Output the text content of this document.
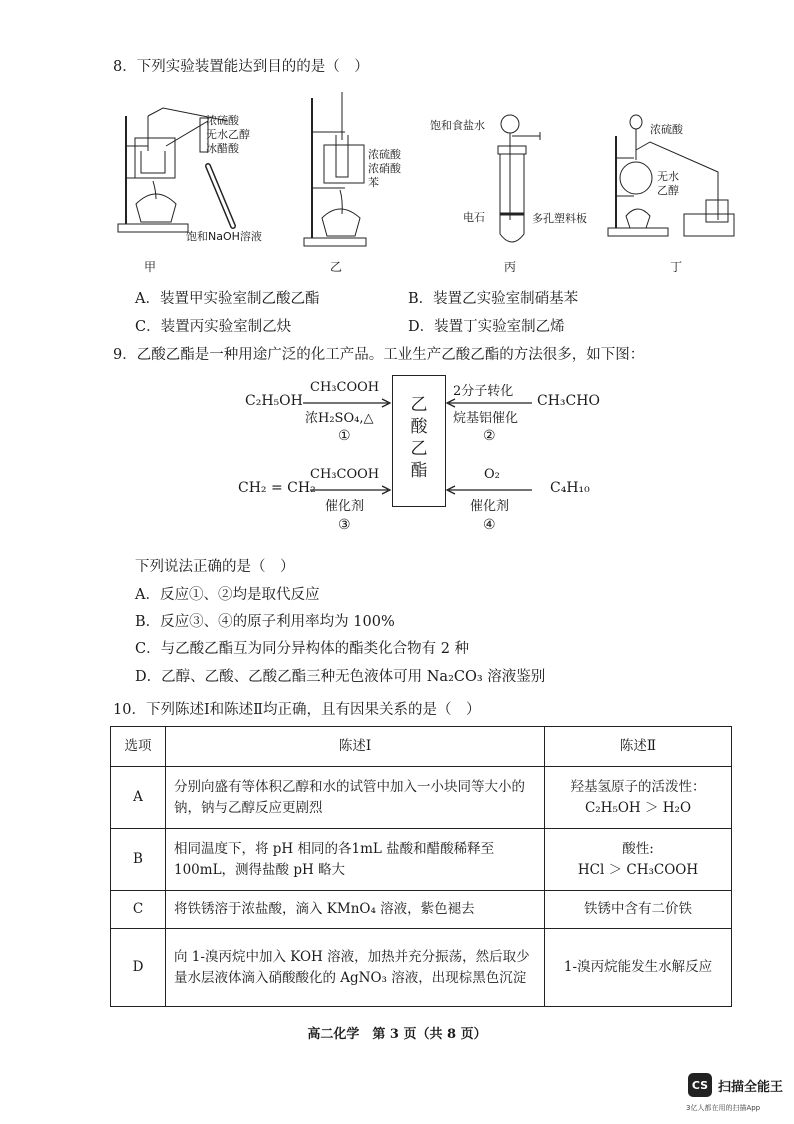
8．下列实验装置能达到目的的是（　）
浓硫酸
无水乙醇
冰醋酸
饱和NaOH溶液
甲
浓硫酸
浓硝酸
苯
乙
饱和食盐水
电石	多孔塑料板
丙
浓硫酸
无水
乙醇
丁
A．装置甲实验室制乙酸乙酯	B．装置乙实验室制硝基苯
C．装置丙实验室制乙炔	D．装置丁实验室制乙烯
9．乙酸乙酯是一种用途广泛的化工产品。工业生产乙酸乙酯的方法很多，如下图：
乙
酸
乙
酯
C₂H₅OH
CH₃COOH
浓H₂SO₄,△
①
CH₃CHO
2分子转化
烷基铝催化
②
CH₂ = CH₂
CH₃COOH
催化剂
③
C₄H₁₀
O₂
催化剂
④
下列说法正确的是（　）
A．反应①、②均是取代反应
B．反应③、④的原子利用率均为 100%
C．与乙酸乙酯互为同分异构体的酯类化合物有 2 种
D．乙醇、乙酸、乙酸乙酯三种无色液体可用 Na₂CO₃ 溶液鉴别
10．下列陈述Ⅰ和陈述Ⅱ均正确，且有因果关系的是（　）
选项	陈述Ⅰ	陈述Ⅱ
A	分别向盛有等体积乙醇和水的试管中加入一小块同等大小的钠，钠与乙醇反应更剧烈	羟基氢原子的活泼性：
C₂H₅OH ＞ H₂O

B	相同温度下，将 pH 相同的各1mL 盐酸和醋酸稀释至100mL，测得盐酸 pH 略大	酸性:
HCl ＞ CH₃COOH

C	将铁锈溶于浓盐酸，滴入 KMnO₄ 溶液，紫色褪去	铁锈中含有二价铁
D	向 1-溴丙烷中加入 KOH 溶液，加热并充分振荡，然后取少量水层液体滴入硝酸酸化的 AgNO₃ 溶液，出现棕黑色沉淀	1-溴丙烷能发生水解反应
高二化学　第 3 页（共 8 页）
CS 扫描全能王
3亿人都在用的扫描App
